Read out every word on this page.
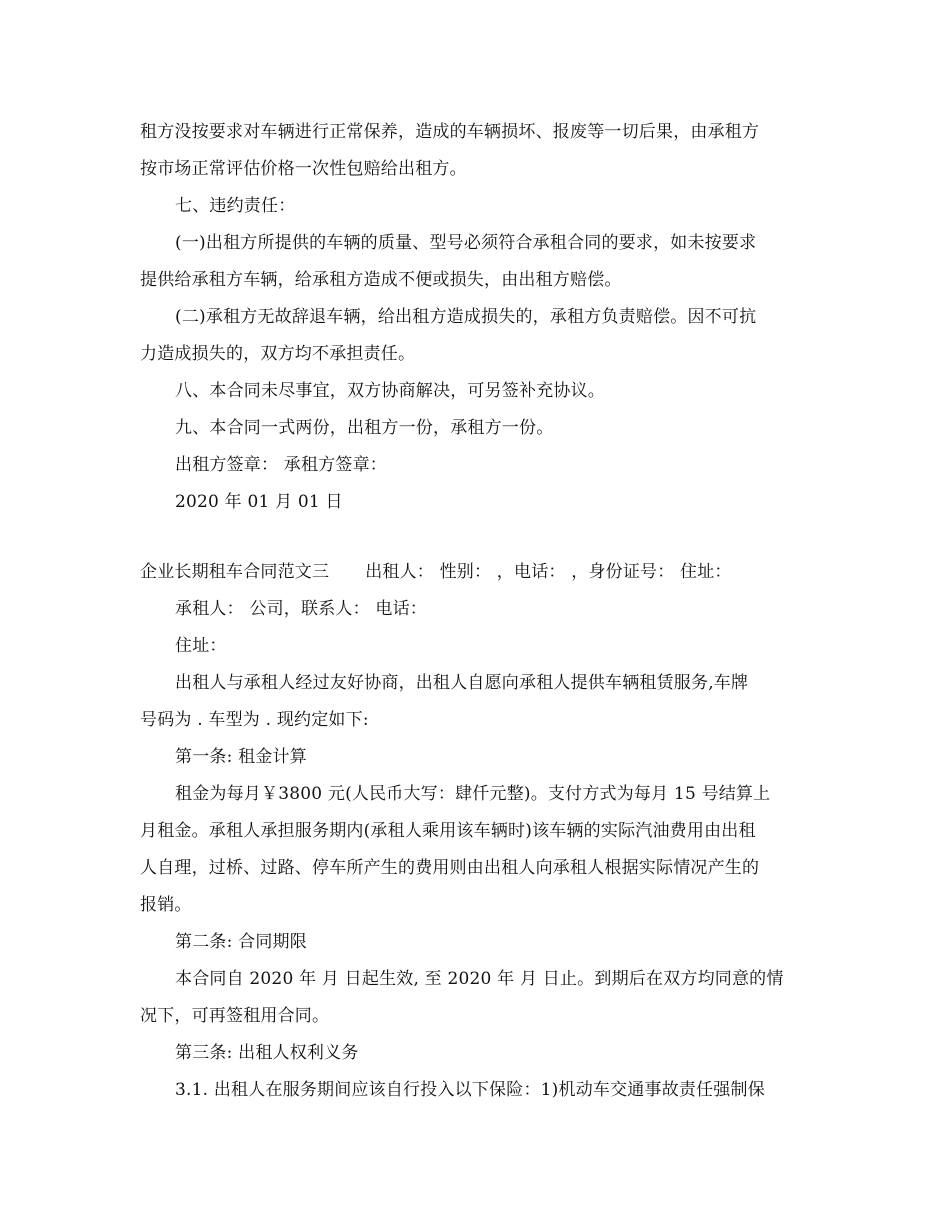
租方没按要求对车辆进行正常保养，造成的车辆损坏、报废等一切后果，由承租方
按市场正常评估价格一次性包赔给出租方。
七、违约责任：
(一)出租方所提供的车辆的质量、型号必须符合承租合同的要求，如未按要求
提供给承租方车辆，给承租方造成不便或损失，由出租方赔偿。
(二)承租方无故辞退车辆，给出租方造成损失的，承租方负责赔偿。因不可抗
力造成损失的，双方均不承担责任。
八、本合同未尽事宜，双方协商解决，可另签补充协议。
九、本合同一式两份，出租方一份，承租方一份。
出租方签章： 承租方签章：
2020 年 01 月 01 日
企业长期租车合同范文三 出租人： 性别： ，电话： ，身份证号： 住址：
承租人： 公司，联系人： 电话：
住址：
出租人与承租人经过友好协商，出租人自愿向承租人提供车辆租赁服务,车牌
号码为 . 车型为 . 现约定如下:
第一条: 租金计算
租金为每月￥3800 元(人民币大写：肆仟元整)。支付方式为每月 15 号结算上
月租金。承租人承担服务期内(承租人乘用该车辆时)该车辆的实际汽油费用由出租
人自理，过桥、过路、停车所产生的费用则由出租人向承租人根据实际情况产生的
报销。
第二条: 合同期限
本合同自 2020 年 月 日起生效, 至 2020 年 月 日止。到期后在双方均同意的情
况下，可再签租用合同。
第三条: 出租人权利义务
3.1. 出租人在服务期间应该自行投入以下保险：1)机动车交通事故责任强制保
